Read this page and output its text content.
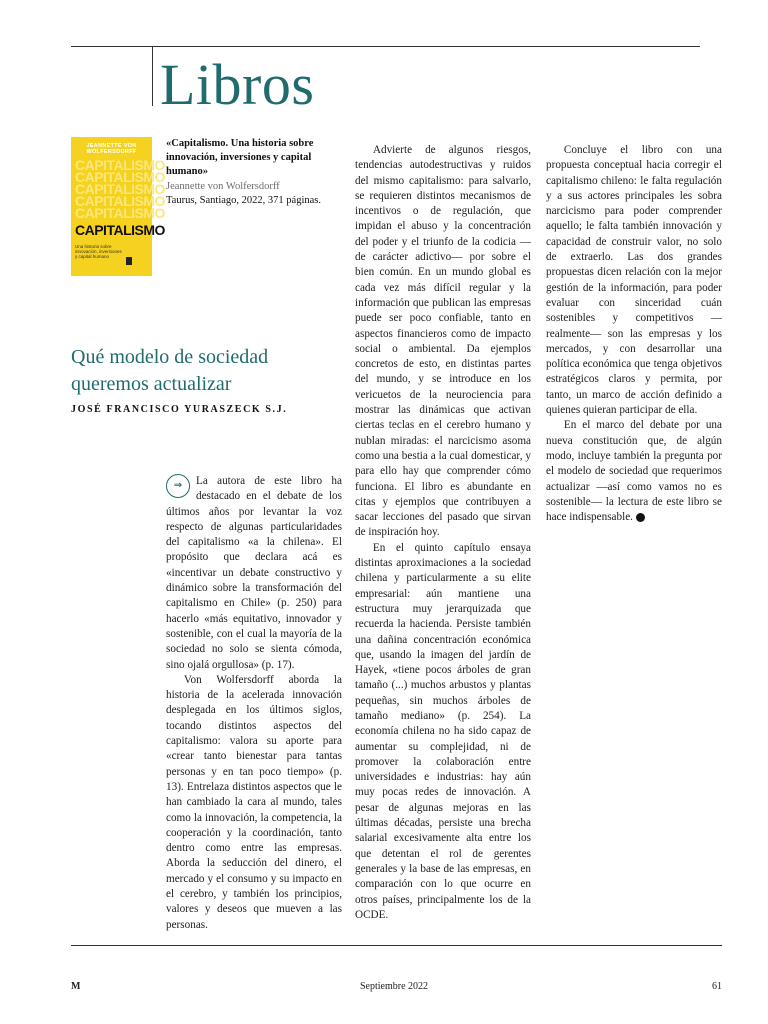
Libros
JEANNETTE VON WOLFERSDORFF
CAPITALISMO
CAPITALISMO
CAPITALISMO
CAPITALISMO
CAPITALISMO
CAPITALISMO
Una historia sobre innovación, inversiones y capital humano
«Capitalismo. Una historia sobre innovación, inversiones y capital humano»
Jeannette von Wolfersdorff
Taurus, Santiago, 2022, 371 páginas.
Qué modelo de sociedad queremos actualizar
JOSÉ FRANCISCO YURASZECK S.J.

⇒	La autora de este libro ha destacado en el debate de los últimos años por levantar la voz respecto de algunas particularidades del capitalismo «a la chilena». El propósito que declara acá es «incentivar un debate constructivo y dinámico sobre la transformación del capitalismo en Chile» (p. 250) para hacerlo «más equitativo, innovador y sostenible, con el cual la mayoría de la sociedad no solo se sienta cómoda, sino ojalá orgullosa» (p. 17).

Von Wolfersdorff aborda la historia de la acelerada innovación desplegada en los últimos siglos, tocando distintos aspectos del capitalismo: valora su aporte para «crear tanto bienestar para tantas personas y en tan poco tiempo» (p. 13). Entrelaza distintos aspectos que le han cambiado la cara al mundo, tales como la innovación, la competencia, la cooperación y la coordinación, tanto dentro como entre las empresas. Aborda la seducción del dinero, el mercado y el consumo y su impacto en el cerebro, y también los principios, valores y deseos que mueven a las personas.

Advierte de algunos riesgos, tendencias autodestructivas y ruidos del mismo capitalismo: para salvarlo, se requieren distintos mecanismos de incentivos o de regulación, que impidan el abuso y la concentración del poder y el triunfo de la codicia —de carácter adictivo— por sobre el bien común. En un mundo global es cada vez más difícil regular y la información que publican las empresas puede ser poco confiable, tanto en aspectos financieros como de impacto social o ambiental. Da ejemplos concretos de esto, en distintas partes del mundo, y se introduce en los vericuetos de la neurociencia para mostrar las dinámicas que activan ciertas teclas en el cerebro humano y nublan miradas: el narcicismo asoma como una bestia a la cual domesticar, y para ello hay que comprender cómo funciona. El libro es abundante en citas y ejemplos que contribuyen a sacar lecciones del pasado que sirvan de inspiración hoy.

En el quinto capítulo ensaya distintas aproximaciones a la sociedad chilena y particularmente a su elite empresarial: aún mantiene una estructura muy jerarquizada que recuerda la hacienda. Persiste también una dañina concentración económica que, usando la imagen del jardín de Hayek, «tiene pocos árboles de gran tamaño (...) muchos arbustos y plantas pequeñas, sin muchos árboles de tamaño mediano» (p. 254). La economía chilena no ha sido capaz de aumentar su complejidad, ni de promover la colaboración entre universidades e industrias: hay aún muy pocas redes de innovación. A pesar de algunas mejoras en las últimas décadas, persiste una brecha salarial excesivamente alta entre los que detentan el rol de gerentes generales y la base de las empresas, en comparación con lo que ocurre en otros países, principalmente los de la OCDE.

Concluye el libro con una propuesta conceptual hacia corregir el capitalismo chileno: le falta regulación y a sus actores principales les sobra narcicismo para poder comprender aquello; le falta también innovación y capacidad de construir valor, no solo de extraerlo. Las dos grandes propuestas dicen relación con la mejor gestión de la información, para poder evaluar con sinceridad cuán sostenibles y competitivos —realmente— son las empresas y los mercados, y con desarrollar una política económica que tenga objetivos estratégicos claros y permita, por tanto, un marco de acción definido a quienes quieran participar de ella.

En el marco del debate por una nueva constitución que, de algún modo, incluye también la pregunta por el modelo de sociedad que requerimos actualizar —así como vamos no es sostenible— la lectura de este libro se hace indispensable.	M

M	Septiembre 2022	61
